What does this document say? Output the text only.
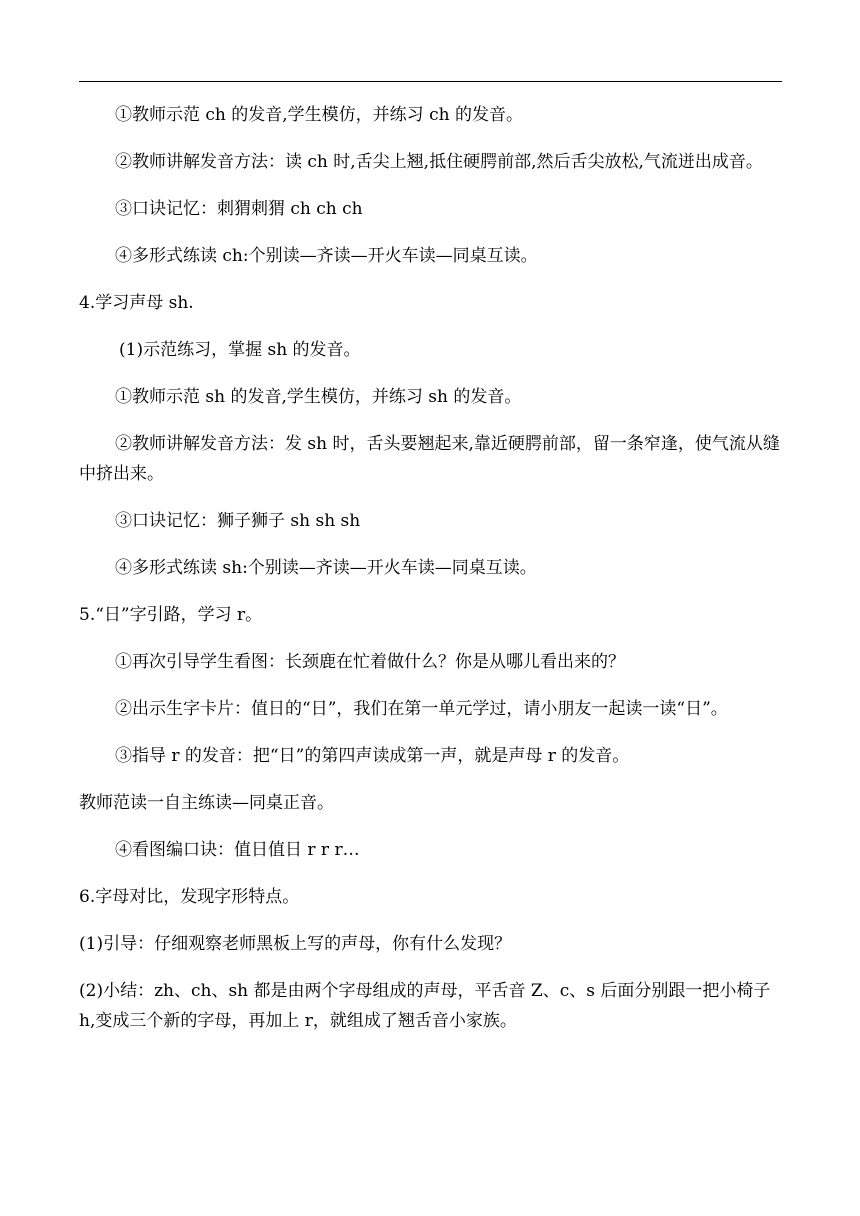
①教师示范 ch 的发音,学生模仿，并练习 ch 的发音。

②教师讲解发音方法：读 ch 时,舌尖上翘,抵住硬腭前部,然后舌尖放松,气流迸出成音。

③口诀记忆：刺猬刺猬 ch ch ch

④多形式练读 ch:个别读—齐读—开火车读—同桌互读。

4.学习声母 sh.

(1)示范练习，掌握 sh 的发音。

①教师示范 sh 的发音,学生模仿，并练习 sh 的发音。

②教师讲解发音方法：发 sh 时，舌头要翘起来,靠近硬腭前部，留一条窄逢，使气流从缝中挤出来。

③口诀记忆：狮子狮子 sh sh sh

④多形式练读 sh:个别读—齐读—开火车读—同桌互读。

5.“日”字引路，学习 r。

①再次引导学生看图：长颈鹿在忙着做什么？你是从哪儿看出来的？

②出示生字卡片：值日的“日”，我们在第一单元学过，请小朋友一起读一读“日”。

③指导 r 的发音：把“日”的第四声读成第一声，就是声母 r 的发音。

教师范读一自主练读—同桌正音。

④看图编口诀：值日值日 r r r…

6.字母对比，发现字形特点。

(1)引导：仔细观察老师黑板上写的声母，你有什么发现？

(2)小结：zh、ch、sh 都是由两个字母组成的声母，平舌音 Z、c、s 后面分别跟一把小椅子 h,变成三个新的字母，再加上 r，就组成了翘舌音小家族。
